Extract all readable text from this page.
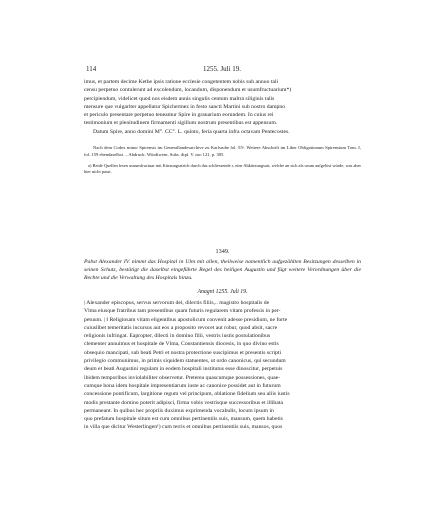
114	1255. Juli 19.

imus, et partem decime Kethe ipsis ratione ecclesie congetentem nobis sub annuo tali

censu perpetuo contulerunt ad excolendum, locandum, disponendum et usumfructuarium*)

percipiendum, videlicet quod nos eisdem annis singulis centum maltra siliginis talis

mensure que vulgariter appellatur Spichermez in festo sancti Martini sub nostro dampno

et periculo presentare perpetuo teneamur Spire in granarium eorundem. In cuius rei

testimonium et plenitudinem firmamenti sigillum nostrum presentibus est appensum.

Datum Spire, anno domini M°. CC°. L. quinto, feria quarta infra octavam Pentecostes.

Nach dem Codex minor Spirensis im Generallandesarchive zu Karlsruhe fol. 55ᵃ. Weitere Abschrift im Liber Obligationum Spirensium Tom. I, fol. 159 ebendaselbst. – Abdruck: Würdtwein, Subs. dipl. V. nro 121, p. 305.

a) Beide Quellen lesen usuumfructuar mit Kürzungsstrich durch das schliessende r, eine Abkürzungsart, welche an sich als usum aufgelöst würde, was aber hier nicht passt.

1349.

Pabst Alexander IV. nimmt das Hospital in Ulm mit allen, theilweise namentlich aufgezählten Besitzungen desselben in seinen Schutz, bestätigt die daselbst eingeführte Regel des heiligen Augustin und fügt weitere Verordnungen über die Rechte und die Verwaltung des Hospitals hinzu.

Anagni 1255. Juli 19.

| Alexander episcopus, servus servorum dei, dilectis filiis,.. magistro hospitalis de

Vlma eiusque fratribus tam presentibus quam futuris regularem vitam professis in per-

petuum. | ǁ Religiosam vitam eligentibus apostolicum convenit adesse presidium, ne forte

cuiuslibet temeritatis incursus aut eos a proposito revocet aut robur, quod absit, sacre

religionis infringat. Eapropter, dilecti in domino filii, vestris iustis postulationibus

clementer annuimus et hospitale de Vlma, Constantiensis diocesis, in quo divino estis

obsequio mancipati, sub beati Petri et nostra protectione suscipimus et presentis scripti

privilegio communimus, in primis siquidem statuentes, ut ordo canonicus, qui secundum

deum et beati Augustini regulam in eodem hospitali institutus esse dinoscitur, perpetuis

ibidem temporibus inviolabiliter observetur. Preterea quascumque possessiones, quae-

cumque bona idem hospitale impresentiarum iuste ac canonice possidet aut in futurum

concessione pontificum, largitione regum vel principum, oblatione fidelium seu aliis iustis

modis prestante domino poterit adipisci, firma vobis vestrisque successoribus et illibata

permaneant. In quibus hec propriis duximus exprimenda vocabulis, locum ipsum in

quo prefatum hospitale situm est cum omnibus pertinentiis suis, mansum, quem habetis

in villa que dicitur Westerlingen¹) cum terris et omnibus pertinentiis suis, mansos, quos
